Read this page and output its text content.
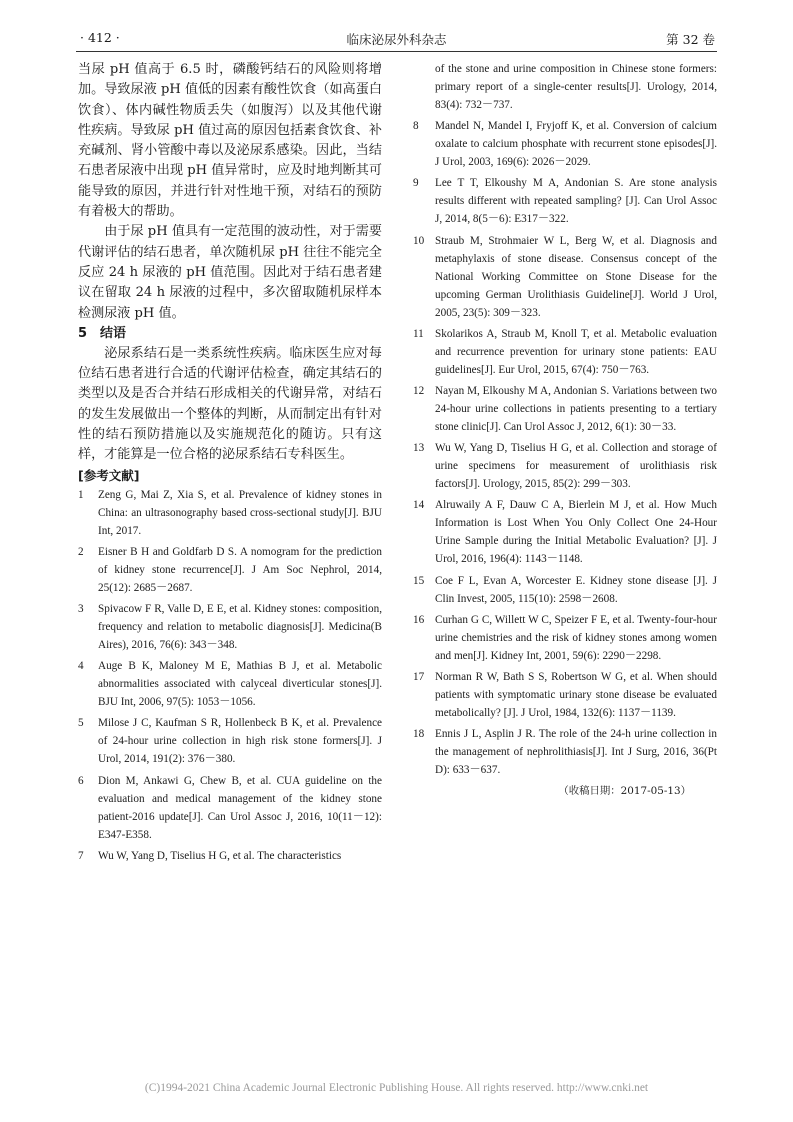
· 412 ·	临床泌尿外科杂志	第 32 卷

当尿 pH 值高于 6.5 时，磷酸钙结石的风险则将增加。导致尿液 pH 值低的因素有酸性饮食（如高蛋白饮食）、体内碱性物质丢失（如腹泻）以及其他代谢性疾病。导致尿 pH 值过高的原因包括素食饮食、补充碱剂、肾小管酸中毒以及泌尿系感染。因此，当结石患者尿液中出现 pH 值异常时，应及时地判断其可能导致的原因，并进行针对性地干预，对结石的预防有着极大的帮助。

由于尿 pH 值具有一定范围的波动性，对于需要代谢评估的结石患者，单次随机尿 pH 往往不能完全反应 24 h 尿液的 pH 值范围。因此对于结石患者建议在留取 24 h 尿液的过程中，多次留取随机尿样本检测尿液 pH 值。

5　结语

泌尿系结石是一类系统性疾病。临床医生应对每位结石患者进行合适的代谢评估检查，确定其结石的类型以及是否合并结石形成相关的代谢异常，对结石的发生发展做出一个整体的判断，从而制定出有针对性的结石预防措施以及实施规范化的随访。只有这样，才能算是一位合格的泌尿系结石专科医生。

[参考文献]

1 Zeng G, Mai Z, Xia S, et al. Prevalence of kidney stones in China: an ultrasonography based cross-sectional study[J]. BJU Int, 2017.
2 Eisner B H and Goldfarb D S. A nomogram for the prediction of kidney stone recurrence[J]. J Am Soc Nephrol, 2014, 25(12): 2685－2687.
3 Spivacow F R, Valle D, E E, et al. Kidney stones: composition, frequency and relation to metabolic diagnosis[J]. Medicina(B Aires), 2016, 76(6): 343－348.
4 Auge B K, Maloney M E, Mathias B J, et al. Metabolic abnormalities associated with calyceal diverticular stones[J]. BJU Int, 2006, 97(5): 1053－1056.
5 Milose J C, Kaufman S R, Hollenbeck B K, et al. Prevalence of 24-hour urine collection in high risk stone formers[J]. J Urol, 2014, 191(2): 376－380.
6 Dion M, Ankawi G, Chew B, et al. CUA guideline on the evaluation and medical management of the kidney stone patient-2016 update[J]. Can Urol Assoc J, 2016, 10(11－12): E347-E358.
7 Wu W, Yang D, Tiselius H G, et al. The characteristics
of the stone and urine composition in Chinese stone formers: primary report of a single-center results[J]. Urology, 2014, 83(4): 732－737.
8 Mandel N, Mandel I, Fryjoff K, et al. Conversion of calcium oxalate to calcium phosphate with recurrent stone episodes[J]. J Urol, 2003, 169(6): 2026－2029.
9 Lee T T, Elkoushy M A, Andonian S. Are stone analysis results different with repeated sampling? [J]. Can Urol Assoc J, 2014, 8(5－6): E317－322.
10 Straub M, Strohmaier W L, Berg W, et al. Diagnosis and metaphylaxis of stone disease. Consensus concept of the National Working Committee on Stone Disease for the upcoming German Urolithiasis Guideline[J]. World J Urol, 2005, 23(5): 309－323.
11 Skolarikos A, Straub M, Knoll T, et al. Metabolic evaluation and recurrence prevention for urinary stone patients: EAU guidelines[J]. Eur Urol, 2015, 67(4): 750－763.
12 Nayan M, Elkoushy M A, Andonian S. Variations between two 24-hour urine collections in patients presenting to a tertiary stone clinic[J]. Can Urol Assoc J, 2012, 6(1): 30－33.
13 Wu W, Yang D, Tiselius H G, et al. Collection and storage of urine specimens for measurement of urolithiasis risk factors[J]. Urology, 2015, 85(2): 299－303.
14 Alruwaily A F, Dauw C A, Bierlein M J, et al. How Much Information is Lost When You Only Collect One 24-Hour Urine Sample during the Initial Metabolic Evaluation? [J]. J Urol, 2016, 196(4): 1143－1148.
15 Coe F L, Evan A, Worcester E. Kidney stone disease [J]. J Clin Invest, 2005, 115(10): 2598－2608.
16 Curhan G C, Willett W C, Speizer F E, et al. Twenty-four-hour urine chemistries and the risk of kidney stones among women and men[J]. Kidney Int, 2001, 59(6): 2290－2298.
17 Norman R W, Bath S S, Robertson W G, et al. When should patients with symptomatic urinary stone disease be evaluated metabolically? [J]. J Urol, 1984, 132(6): 1137－1139.
18 Ennis J L, Asplin J R. The role of the 24-h urine collection in the management of nephrolithiasis[J]. Int J Surg, 2016, 36(Pt D): 633－637.
（收稿日期：2017-05-13）
(C)1994-2021 China Academic Journal Electronic Publishing House. All rights reserved. http://www.cnki.net
